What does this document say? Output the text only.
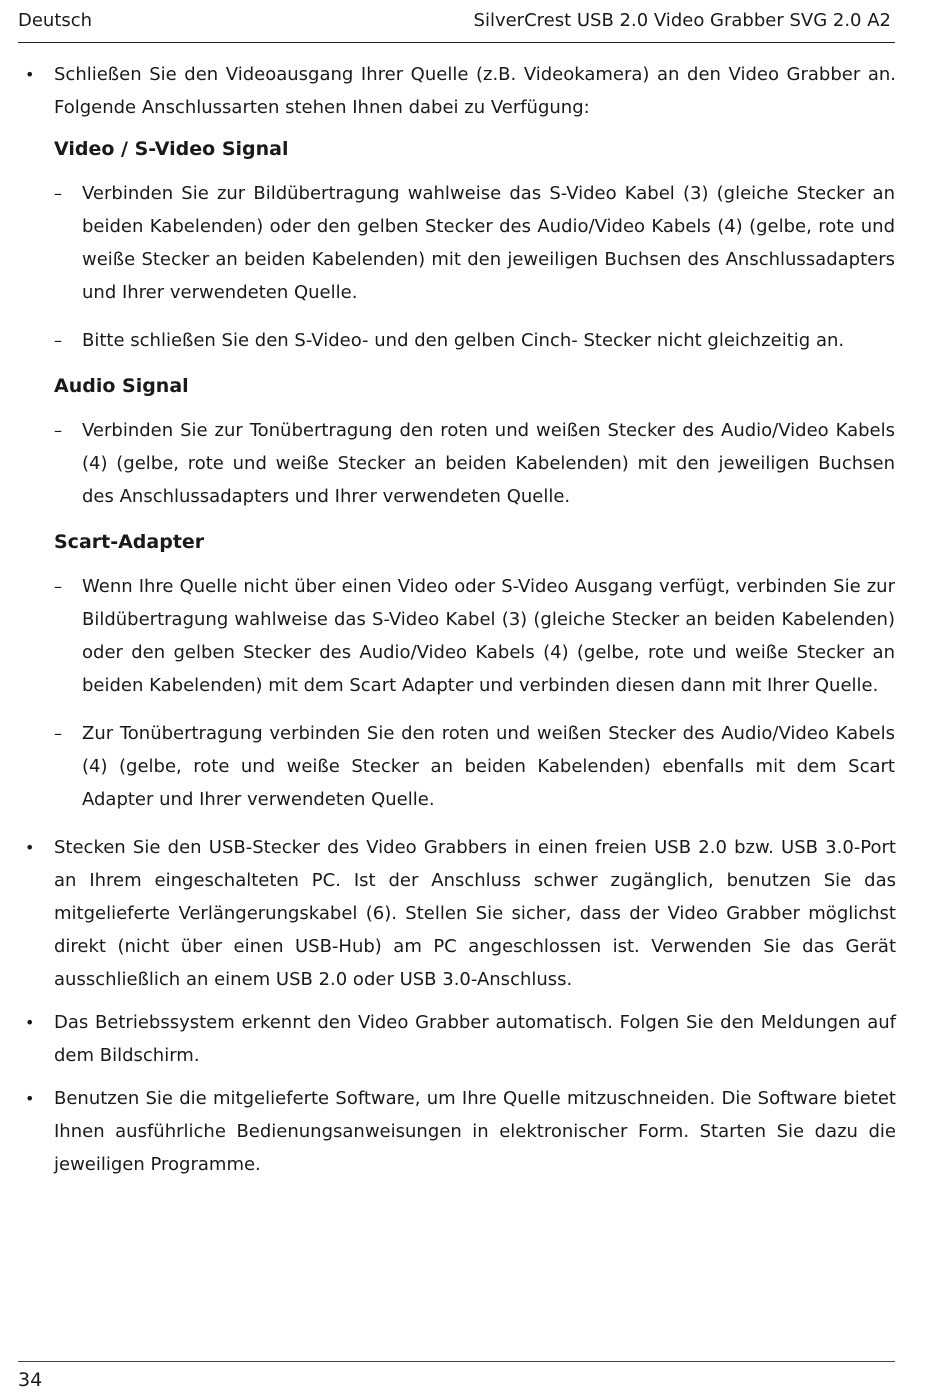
Deutsch	SilverCrest USB 2.0 Video Grabber SVG 2.0 A2
• Schließen Sie den Videoausgang Ihrer Quelle (z.B. Videokamera) an den Video Grabber an. Folgende Anschlussarten stehen Ihnen dabei zu Verfügung:
Video / S-Video Signal
– Verbinden Sie zur Bildübertragung wahlweise das S-Video Kabel (3) (gleiche Stecker an beiden Kabelenden) oder den gelben Stecker des Audio/Video Kabels (4) (gelbe, rote und weiße Stecker an beiden Kabelenden) mit den jeweiligen Buchsen des Anschlussadapters und Ihrer verwendeten Quelle.
– Bitte schließen Sie den S-Video- und den gelben Cinch- Stecker nicht gleichzeitig an.
Audio Signal
– Verbinden Sie zur Tonübertragung den roten und weißen Stecker des Audio/Video Kabels (4) (gelbe, rote und weiße Stecker an beiden Kabelenden) mit den jeweiligen Buchsen des Anschlussadapters und Ihrer verwendeten Quelle.
Scart-Adapter
– Wenn Ihre Quelle nicht über einen Video oder S-Video Ausgang verfügt, verbinden Sie zur Bildübertragung wahlweise das S-Video Kabel (3) (gleiche Stecker an beiden Kabelenden) oder den gelben Stecker des Audio/Video Kabels (4) (gelbe, rote und weiße Stecker an beiden Kabelenden) mit dem Scart Adapter und verbinden diesen dann mit Ihrer Quelle.
– Zur Tonübertragung verbinden Sie den roten und weißen Stecker des Audio/Video Kabels (4) (gelbe, rote und weiße Stecker an beiden Kabelenden) ebenfalls mit dem Scart Adapter und Ihrer verwendeten Quelle.
• Stecken Sie den USB-Stecker des Video Grabbers in einen freien USB 2.0 bzw. USB 3.0-Port an Ihrem eingeschalteten PC. Ist der Anschluss schwer zugänglich, benutzen Sie das mitgelieferte Verlängerungskabel (6). Stellen Sie sicher, dass der Video Grabber möglichst direkt (nicht über einen USB-Hub) am PC angeschlossen ist. Verwenden Sie das Gerät ausschließlich an einem USB 2.0 oder USB 3.0-Anschluss.
• Das Betriebssystem erkennt den Video Grabber automatisch. Folgen Sie den Meldungen auf dem Bildschirm.
• Benutzen Sie die mitgelieferte Software, um Ihre Quelle mitzuschneiden. Die Software bietet Ihnen ausführliche Bedienungsanweisungen in elektronischer Form. Starten Sie dazu die jeweiligen Programme.
34
